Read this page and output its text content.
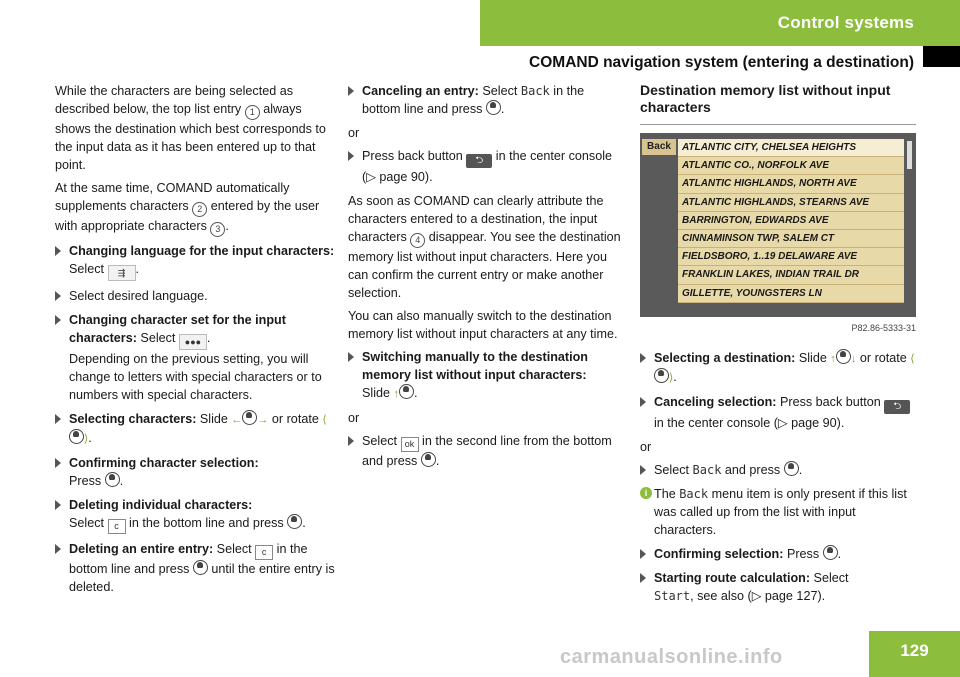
Control systems
COMAND navigation system (entering a destination)

While the characters are being selected as described below, the top list entry 1 always shows the destination which best corresponds to the input data as it has been entered up to that point.

At the same time, COMAND automatically supplements characters 2 entered by the user with appropriate characters 3 .

Changing language for the input characters: Select ⇶ .
Select desired language.
Changing character set for the input characters: Select ●●● .
Depending on the previous setting, you will change to letters with special characters or to numbers with special characters.
Selecting characters: Slide ← → or rotate ⟨⟩.
Confirming character selection:
Press .
Deleting individual characters:
Select c in the bottom line and press .
Deleting an entire entry: Select c in the bottom line and press  until the entire entry is deleted.
Canceling an entry: Select Back in the bottom line and press .

or

Press back button ⮌ in the center console (▷ page 90).

As soon as COMAND can clearly attribute the characters entered to a destination, the input characters 4 disappear. You see the destination memory list without input characters. Here you can confirm the current entry or make another selection.

You can also manually switch to the destination memory list without input characters at any time.

Switching manually to the destination memory list without input characters:
Slide ↑ .

or

Select ok in the second line from the bottom and press .
Destination memory list without input characters
Back	ATLANTIC CITY, CHELSEA HEIGHTS
ATLANTIC CO., NORFOLK AVE
ATLANTIC HIGHLANDS, NORTH AVE
ATLANTIC HIGHLANDS, STEARNS AVE
BARRINGTON, EDWARDS AVE
CINNAMINSON TWP, SALEM CT
FIELDSBORO, 1..19 DELAWARE AVE
FRANKLIN LAKES, INDIAN TRAIL DR
GILLETTE, YOUNGSTERS LN
P82.86-5333-31
Selecting a destination: Slide ↑ ↓ or rotate ⟨⟩.
Canceling selection: Press back button ⮌ in the center console (▷ page 90).

or

Select Back and press .
i The Back menu item is only present if this list was called up from the list with input characters.
Confirming selection: Press .
Starting route calculation: Select
Start, see also (▷ page 127).
carmanualsonline.info	129
